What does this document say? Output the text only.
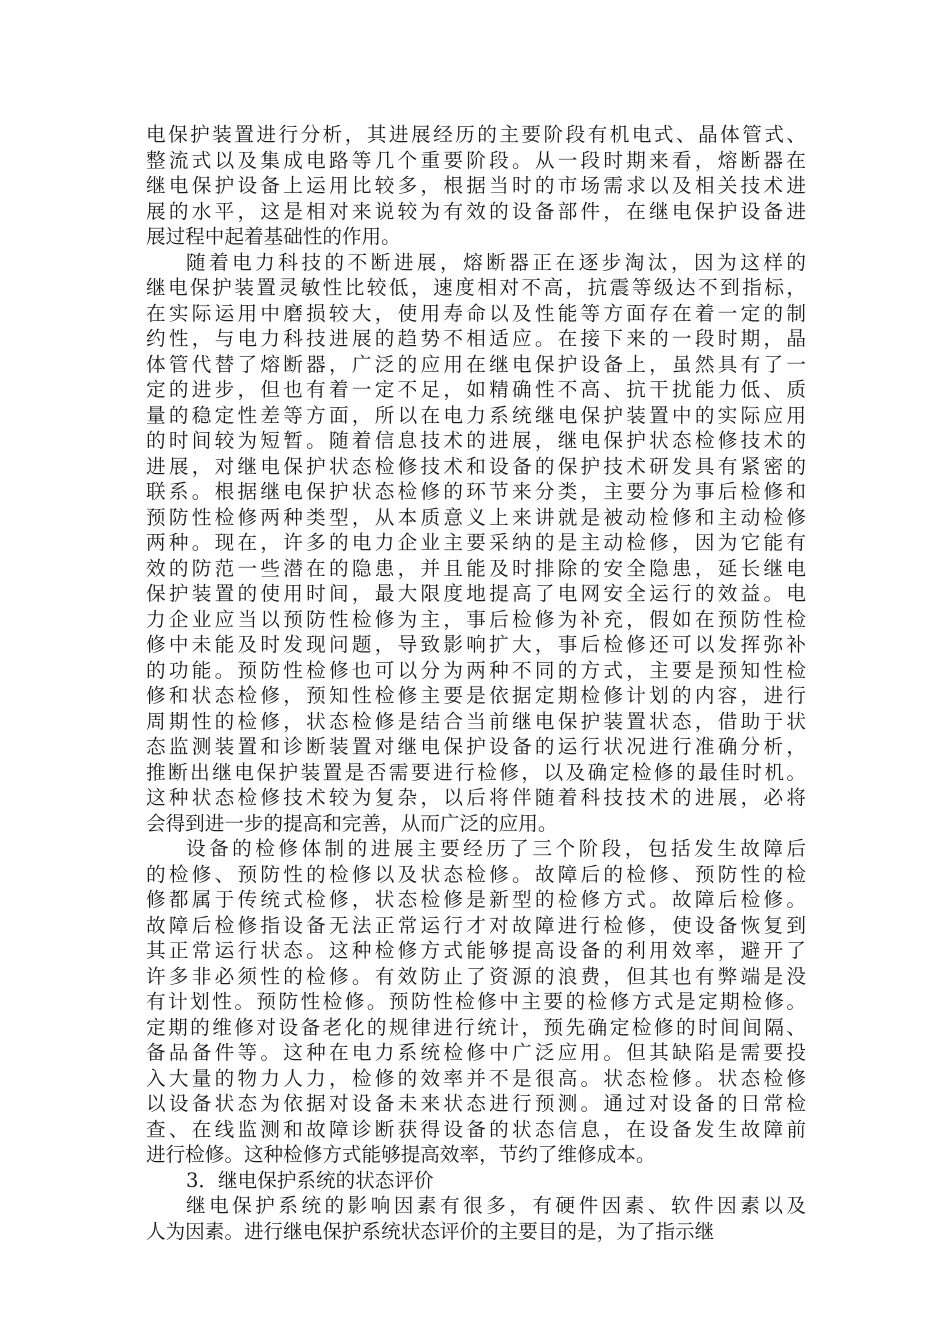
电保护装置进行分析，其进展经历的主要阶段有机电式、晶体管式、
整流式以及集成电路等几个重要阶段。从一段时期来看，熔断器在
继电保护设备上运用比较多，根据当时的市场需求以及相关技术进
展的水平，这是相对来说较为有效的设备部件，在继电保护设备进
展过程中起着基础性的作用。
随着电力科技的不断进展，熔断器正在逐步淘汰，因为这样的
继电保护装置灵敏性比较低，速度相对不高，抗震等级达不到指标，
在实际运用中磨损较大，使用寿命以及性能等方面存在着一定的制
约性，与电力科技进展的趋势不相适应。在接下来的一段时期，晶
体管代替了熔断器，广泛的应用在继电保护设备上，虽然具有了一
定的进步，但也有着一定不足，如精确性不高、抗干扰能力低、质
量的稳定性差等方面，所以在电力系统继电保护装置中的实际应用
的时间较为短暂。随着信息技术的进展，继电保护状态检修技术的
进展，对继电保护状态检修技术和设备的保护技术研发具有紧密的
联系。根据继电保护状态检修的环节来分类，主要分为事后检修和
预防性检修两种类型，从本质意义上来讲就是被动检修和主动检修
两种。现在，许多的电力企业主要采纳的是主动检修，因为它能有
效的防范一些潜在的隐患，并且能及时排除的安全隐患，延长继电
保护装置的使用时间，最大限度地提高了电网安全运行的效益。电
力企业应当以预防性检修为主，事后检修为补充，假如在预防性检
修中未能及时发现问题，导致影响扩大，事后检修还可以发挥弥补
的功能。预防性检修也可以分为两种不同的方式，主要是预知性检
修和状态检修，预知性检修主要是依据定期检修计划的内容，进行
周期性的检修，状态检修是结合当前继电保护装置状态，借助于状
态监测装置和诊断装置对继电保护设备的运行状况进行准确分析，
推断出继电保护装置是否需要进行检修，以及确定检修的最佳时机。
这种状态检修技术较为复杂，以后将伴随着科技技术的进展，必将
会得到进一步的提高和完善，从而广泛的应用。
设备的检修体制的进展主要经历了三个阶段，包括发生故障后
的检修、预防性的检修以及状态检修。故障后的检修、预防性的检
修都属于传统式检修，状态检修是新型的检修方式。故障后检修。
故障后检修指设备无法正常运行才对故障进行检修，使设备恢复到
其正常运行状态。这种检修方式能够提高设备的利用效率，避开了
许多非必须性的检修。有效防止了资源的浪费，但其也有弊端是没
有计划性。预防性检修。预防性检修中主要的检修方式是定期检修。
定期的维修对设备老化的规律进行统计，预先确定检修的时间间隔、
备品备件等。这种在电力系统检修中广泛应用。但其缺陷是需要投
入大量的物力人力，检修的效率并不是很高。状态检修。状态检修
以设备状态为依据对设备未来状态进行预测。通过对设备的日常检
查、在线监测和故障诊断获得设备的状态信息，在设备发生故障前
进行检修。这种检修方式能够提高效率，节约了维修成本。
3．继电保护系统的状态评价
继电保护系统的影响因素有很多，有硬件因素、软件因素以及
人为因素。进行继电保护系统状态评价的主要目的是，为了指示继
